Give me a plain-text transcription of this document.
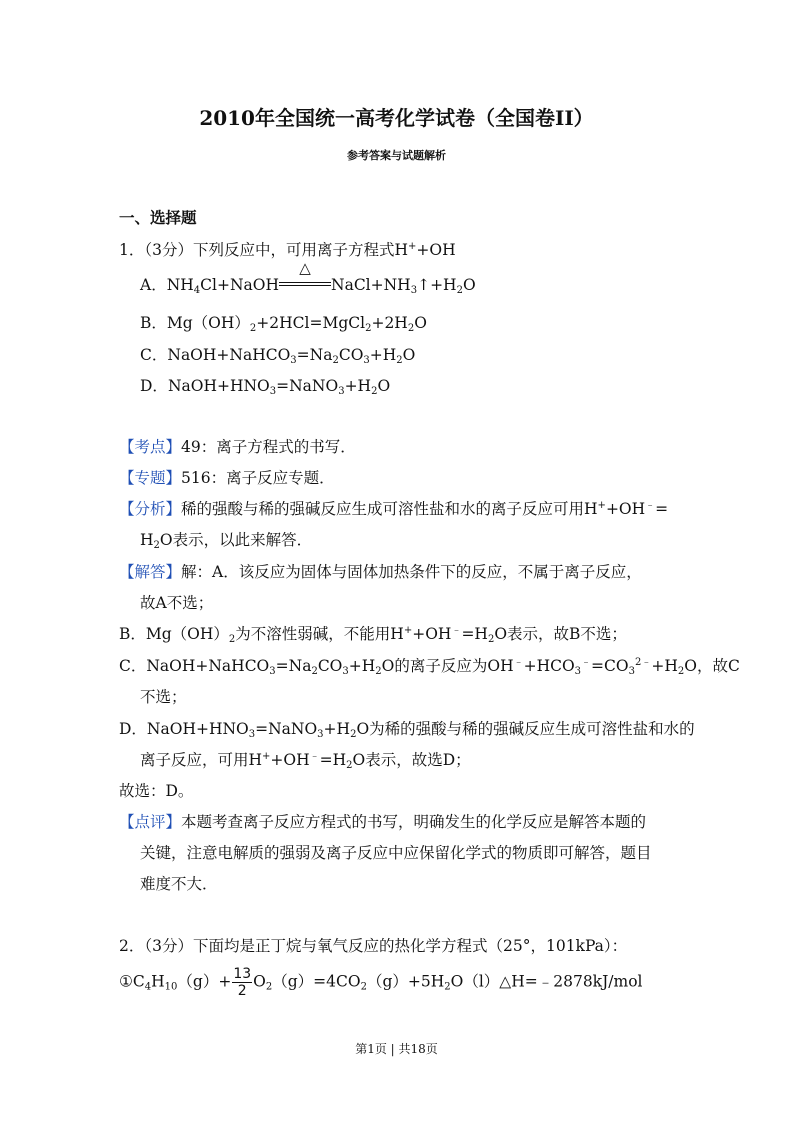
2010年全国统一高考化学试卷（全国卷II）
参考答案与试题解析
一、选择题
1．（3分）下列反应中，可用离子方程式H++OH
A．$NH_4Cl+NaOH$
△
$NaCl+NH_3↑+H_2O$
B．$Mg(OH)_2+2HCl=MgCl_2+2H_2O$
C．$NaOH+NaHCO_3=Na_2CO_3+H_2O$
D．$NaOH+HNO_3=NaNO_3+H_2O$
【考点】49：离子方程式的书写．
【专题】516：离子反应专题．
【分析】稀的强酸与稀的强碱反应生成可溶性盐和水的离子反应可用H++OH﹣=
$H_2O$表示，以此来解答．
【解答】解：A．该反应为固体与固体加热条件下的反应，不属于离子反应，
故A不选；
B．$Mg(OH)_2$为不溶性弱碱，不能用$H^++OH^﹣=H_2O$表示，故B不选；
C．$NaOH+NaHCO_3=Na_2CO_3+H_2O$的离子反应为$OH^﹣+HCO_3^﹣=CO_3^{2﹣}+H_2O$，故C
不选；
D．$NaOH+HNO_3=NaNO_3+H_2O$为稀的强酸与稀的强碱反应生成可溶性盐和水的
离子反应，可用$H^++OH^﹣=H_2O$表示，故选D；
故选：D。
【点评】本题考查离子反应方程式的书写，明确发生的化学反应是解答本题的
关键，注意电解质的强弱及离子反应中应保留化学式的物质即可解答，题目
难度不大．
2．（3分）下面均是正丁烷与氧气反应的热化学方程式（25°，101kPa）：
$①C_4H_{10}(g)+ \frac{13}{2}$ $O_2(g)=4CO_2(g)+5H_2O(l)\triangle H=﹣2878kJ$/mol
第1页 | 共18页
